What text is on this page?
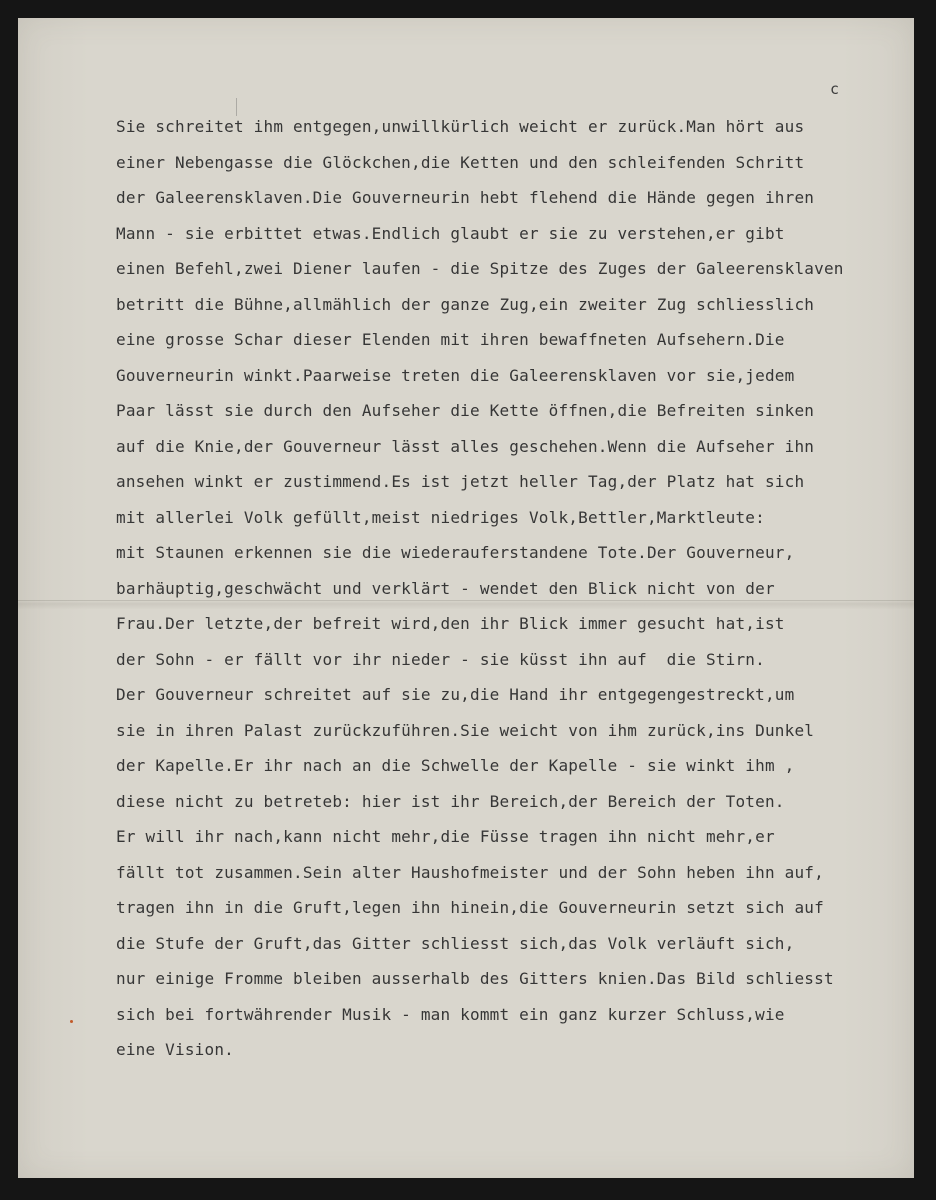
c
Sie schreitet ihm entgegen,unwillkürlich weicht er zurück.Man hört aus
einer Nebengasse die Glöckchen,die Ketten und den schleifenden Schritt
der Galeerensklaven.Die Gouverneurin hebt flehend die Hände gegen ihren
Mann - sie erbittet etwas.Endlich glaubt er sie zu verstehen,er gibt
einen Befehl,zwei Diener laufen - die Spitze des Zuges der Galeerensklaven
betritt die Bühne,allmählich der ganze Zug,ein zweiter Zug schliesslich
eine grosse Schar dieser Elenden mit ihren bewaffneten Aufsehern.Die
Gouverneurin winkt.Paarweise treten die Galeerensklaven vor sie,jedem
Paar lässt sie durch den Aufseher die Kette öffnen,die Befreiten sinken
auf die Knie,der Gouverneur lässt alles geschehen.Wenn die Aufseher ihn
ansehen winkt er zustimmend.Es ist jetzt heller Tag,der Platz hat sich
mit allerlei Volk gefüllt,meist niedriges Volk,Bettler,Marktleute:
mit Staunen erkennen sie die wiederauferstandene Tote.Der Gouverneur,
barhäuptig,geschwächt und verklärt - wendet den Blick nicht von der
Frau.Der letzte,der befreit wird,den ihr Blick immer gesucht hat,ist
der Sohn - er fällt vor ihr nieder - sie küsst ihn auf  die Stirn.
Der Gouverneur schreitet auf sie zu,die Hand ihr entgegengestreckt,um
sie in ihren Palast zurückzuführen.Sie weicht von ihm zurück,ins Dunkel
der Kapelle.Er ihr nach an die Schwelle der Kapelle - sie winkt ihm ,
diese nicht zu betreteb: hier ist ihr Bereich,der Bereich der Toten.
Er will ihr nach,kann nicht mehr,die Füsse tragen ihn nicht mehr,er
fällt tot zusammen.Sein alter Haushofmeister und der Sohn heben ihn auf,
tragen ihn in die Gruft,legen ihn hinein,die Gouverneurin setzt sich auf
die Stufe der Gruft,das Gitter schliesst sich,das Volk verläuft sich,
nur einige Fromme bleiben ausserhalb des Gitters knien.Das Bild schliesst
sich bei fortwährender Musik - man kommt ein ganz kurzer Schluss,wie
eine Vision.
